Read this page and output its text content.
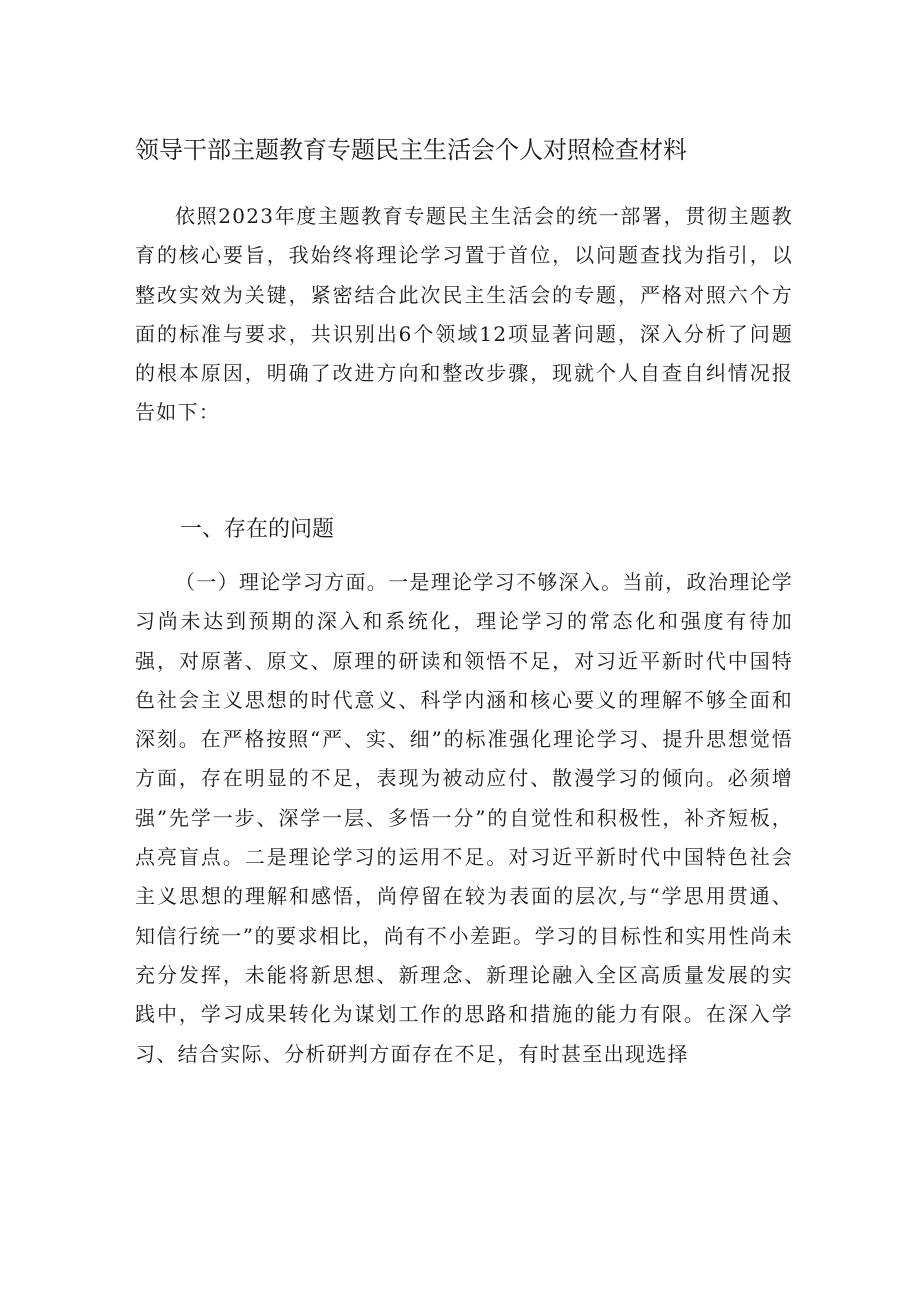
领导干部主题教育专题民主生活会个人对照检查材料

依照2023年度主题教育专题民主生活会的统一部署，贯彻主题教育的核心要旨，我始终将理论学习置于首位，以问题查找为指引，以整改实效为关键，紧密结合此次民主生活会的专题，严格对照六个方面的标准与要求，共识别出6个领域12项显著问题，深入分析了问题的根本原因，明确了改进方向和整改步骤，现就个人自查自纠情况报告如下：

一、存在的问题

（一）理论学习方面。一是理论学习不够深入。当前，政治理论学习尚未达到预期的深入和系统化，理论学习的常态化和强度有待加强，对原著、原文、原理的研读和领悟不足，对习近平新时代中国特色社会主义思想的时代意义、科学内涵和核心要义的理解不够全面和深刻。在严格按照“严、实、细”的标准强化理论学习、提升思想觉悟方面，存在明显的不足，表现为被动应付、散漫学习的倾向。必须增强”先学一步、深学一层、多悟一分”的自觉性和积极性，补齐短板，点亮盲点。二是理论学习的运用不足。对习近平新时代中国特色社会主义思想的理解和感悟，尚停留在较为表面的层次,与“学思用贯通、知信行统一”的要求相比，尚有不小差距。学习的目标性和实用性尚未充分发挥，未能将新思想、新理念、新理论融入全区高质量发展的实践中，学习成果转化为谋划工作的思路和措施的能力有限。在深入学习、结合实际、分析研判方面存在不足，有时甚至出现选择
